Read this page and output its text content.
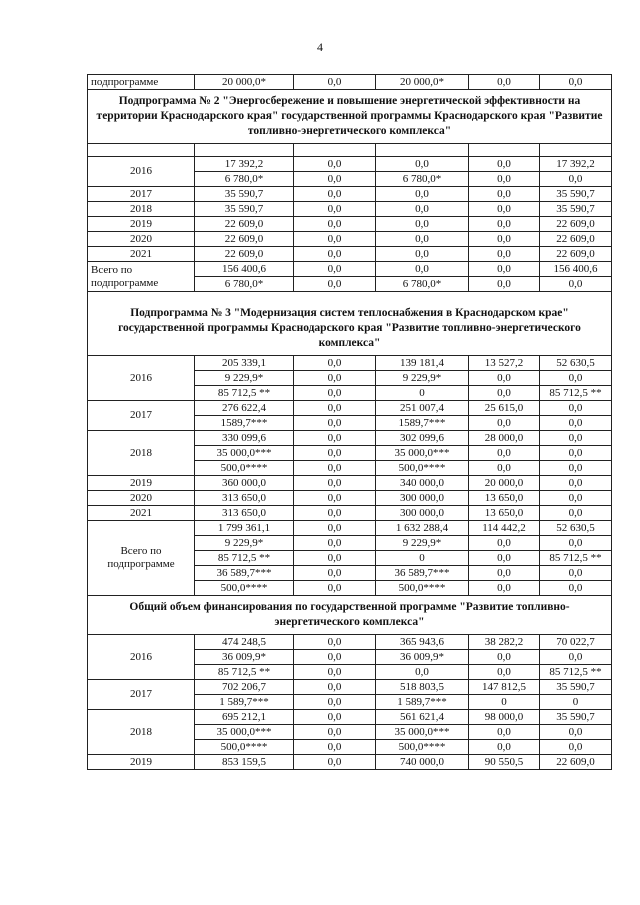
4
подпрограмме	20 000,0*	0,0	20 000,0*	0,0	0,0
Подпрограмма № 2 "Энергосбережение и повышение энергетической эффективности на территории Краснодарского края" государственной программы Краснодарского края "Развитие топливно-энергетического комплекса"					

2016	17 392,2	0,0	0,0	0,0	17 392,2
	6 780,0*	0,0	6 780,0*	0,0	0,0
2017	35 590,7	0,0	0,0	0,0	35 590,7
2018	35 590,7	0,0	0,0	0,0	35 590,7
2019	22 609,0	0,0	0,0	0,0	22 609,0
2020	22 609,0	0,0	0,0	0,0	22 609,0
2021	22 609,0	0,0	0,0	0,0	22 609,0
Всего по подпрограмме	156 400,6	0,0	0,0	0,0	156 400,6
	6 780,0*	0,0	6 780,0*	0,0	0,0
Подпрограмма № 3 "Модернизация систем теплоснабжения в Краснодарском крае" государственной программы Краснодарского края "Развитие топливно-энергетического комплекса"					
2016	205 339,1	0,0	139 181,4	13 527,2	52 630,5
	9 229,9*	0,0	9 229,9*	0,0	0,0
	85 712,5 **	0,0	0	0,0	85 712,5 **
2017	276 622,4	0,0	251 007,4	25 615,0	0,0
	1589,7***	0,0	1589,7***	0,0	0,0
2018	330 099,6	0,0	302 099,6	28 000,0	0,0
	35 000,0***	0,0	35 000,0***	0,0	0,0
	500,0****	0,0	500,0****	0,0	0,0
2019	360 000,0	0,0	340 000,0	20 000,0	0,0
2020	313 650,0	0,0	300 000,0	13 650,0	0,0
2021	313 650,0	0,0	300 000,0	13 650,0	0,0
Всего по подпрограмме	1 799 361,1	0,0	1 632 288,4	114 442,2	52 630,5
	9 229,9*	0,0	9 229,9*	0,0	0,0
	85 712,5 **	0,0	0	0,0	85 712,5 **
	36 589,7***	0,0	36 589,7***	0,0	0,0
	500,0****	0,0	500,0****	0,0	0,0
Общий объем финансирования по государственной программе "Развитие топливно-энергетического комплекса"					
2016	474 248,5	0,0	365 943,6	38 282,2	70 022,7
	36 009,9*	0,0	36 009,9*	0,0	0,0
	85 712,5 **	0,0	0,0	0,0	85 712,5 **
2017	702 206,7	0,0	518 803,5	147 812,5	35 590,7
	1 589,7***	0,0	1 589,7***	0	0
2018	695 212,1	0,0	561 621,4	98 000,0	35 590,7
	35 000,0***	0,0	35 000,0***	0,0	0,0
	500,0****	0,0	500,0****	0,0	0,0
2019	853 159,5	0,0	740 000,0	90 550,5	22 609,0
